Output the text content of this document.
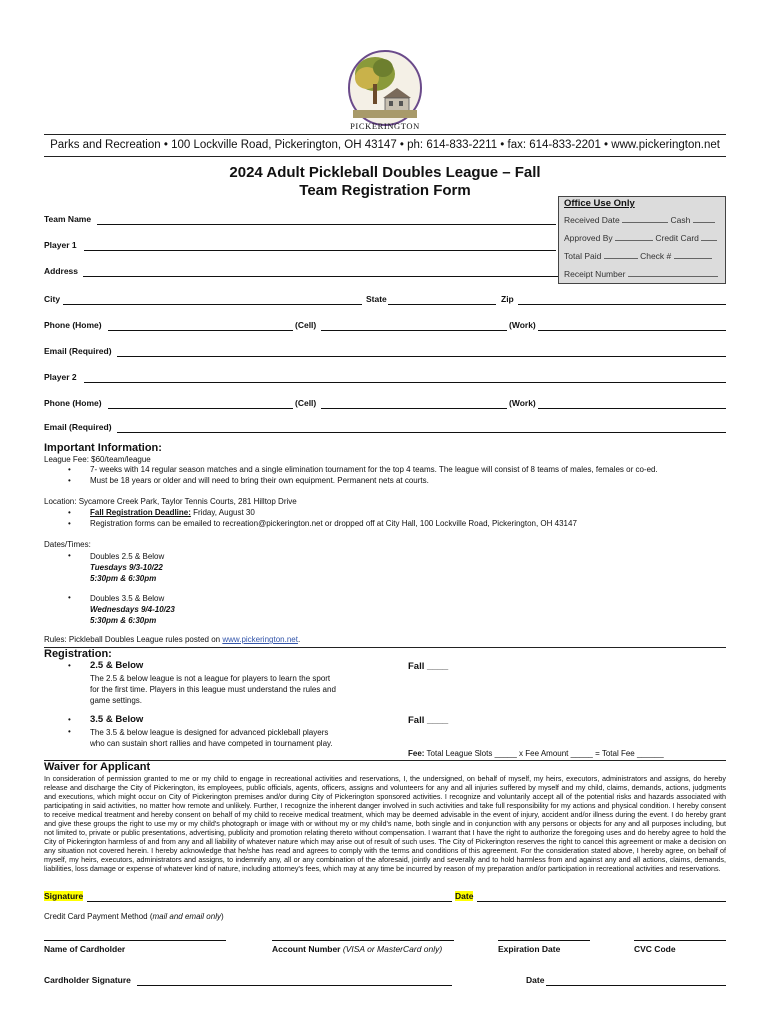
PICKERINGTON
Parks and Recreation • 100 Lockville Road, Pickerington, OH 43147 • ph: 614-833-2211 • fax: 614-833-2201 • www.pickerington.net
2024 Adult Pickleball Doubles League – Fall
Team Registration Form
Office Use Only
Received Date	Cash
Approved By	Credit Card
Total Paid	Check #
Receipt Number
Team Name
Player 1
Address
City	State	Zip
Phone (Home)	(Cell)	(Work)
Email (Required)
Player 2
Phone (Home)	(Cell)	(Work)
Email (Required)
Important Information:
League Fee: $60/team/league
• 7- weeks with 14 regular season matches and a single elimination tournament for the top 4 teams. The league will consist of 8 teams of males, females or co-ed.
• Must be 18 years or older and will need to bring their own equipment. Permanent nets at courts.
Location: Sycamore Creek Park, Taylor Tennis Courts, 281 Hilltop Drive
• Fall Registration Deadline: Friday, August 30
• Registration forms can be emailed to recreation@pickerington.net or dropped off at City Hall, 100 Lockville Road, Pickerington, OH 43147
Dates/Times:
• Doubles 2.5 & Below
Tuesdays 9/3-10/22
5:30pm & 6:30pm
• Doubles 3.5 & Below
Wednesdays 9/4-10/23
5:30pm & 6:30pm
Rules: Pickleball Doubles League rules posted on www.pickerington.net.
Registration:
• 2.5 & Below
The 2.5 & below league is not a league for players to learn the sport
for the first time. Players in this league must understand the rules and
game settings.
Fall ____
• 3.5 & Below
• The 3.5 & below league is designed for advanced pickleball players
who can sustain short rallies and have competed in tournament play.
Fall ____
Fee: Total League Slots _____ x Fee Amount _____ = Total Fee ______
Waiver for Applicant
In consideration of permission granted to me or my child to engage in recreational activities and reservations, I, the undersigned, on behalf of myself, my heirs, executors, administrators and assigns, do hereby release and discharge the City of Pickerington, its employees, public officials, agents, officers, assigns and volunteers for any and all injuries suffered by myself and my child, claims, demands, actions, judgments and executions, which might occur on City of Pickerington premises and/or during City of Pickerington sponsored activities. I recognize and voluntarily accept all of the potential risks and hazards associated with participating in said activities, no matter how remote and unlikely. Further, I recognize the inherent danger involved in such activities and take full responsibility for my actions and physical condition. I hereby consent to receive medical treatment and hereby consent on behalf of my child to receive medical treatment, which may be deemed advisable in the event of injury, accident and/or illness during the event. I do hereby grant and give these groups the right to use my or my child's photograph or image with or without my or my child's name, both single and in conjunction with any persons or objects for any and all purposes including, but not limited to, private or public presentations, advertising, publicity and promotion relating thereto without compensation. I warrant that I have the right to authorize the foregoing uses and do hereby agree to hold the City of Pickerington harmless of and from any and all liability of whatever nature which may arise out of result of such uses. The City of Pickerington reserves the right to cancel this agreement or make a decision on any situation not covered herein. I hereby acknowledge that he/she has read and agrees to comply with the terms and conditions of this agreement. For the consideration stated above, I hereby agree, on behalf of myself, my heirs, executors, administrators and assigns, to indemnify any, all or any combination of the aforesaid, jointly and severally and to hold harmless from and against any and all actions, claims, demands, liabilities, loss damage or expense of whatever kind of nature, including attorney's fees, which may at any time be incurred by reason of my preparation and/or participation in recreational activities and reservations.
Signature	Date
Credit Card Payment Method (mail and email only)
Name of Cardholder	Account Number (VISA or MasterCard only)	Expiration Date	CVC Code
Cardholder Signature	Date
